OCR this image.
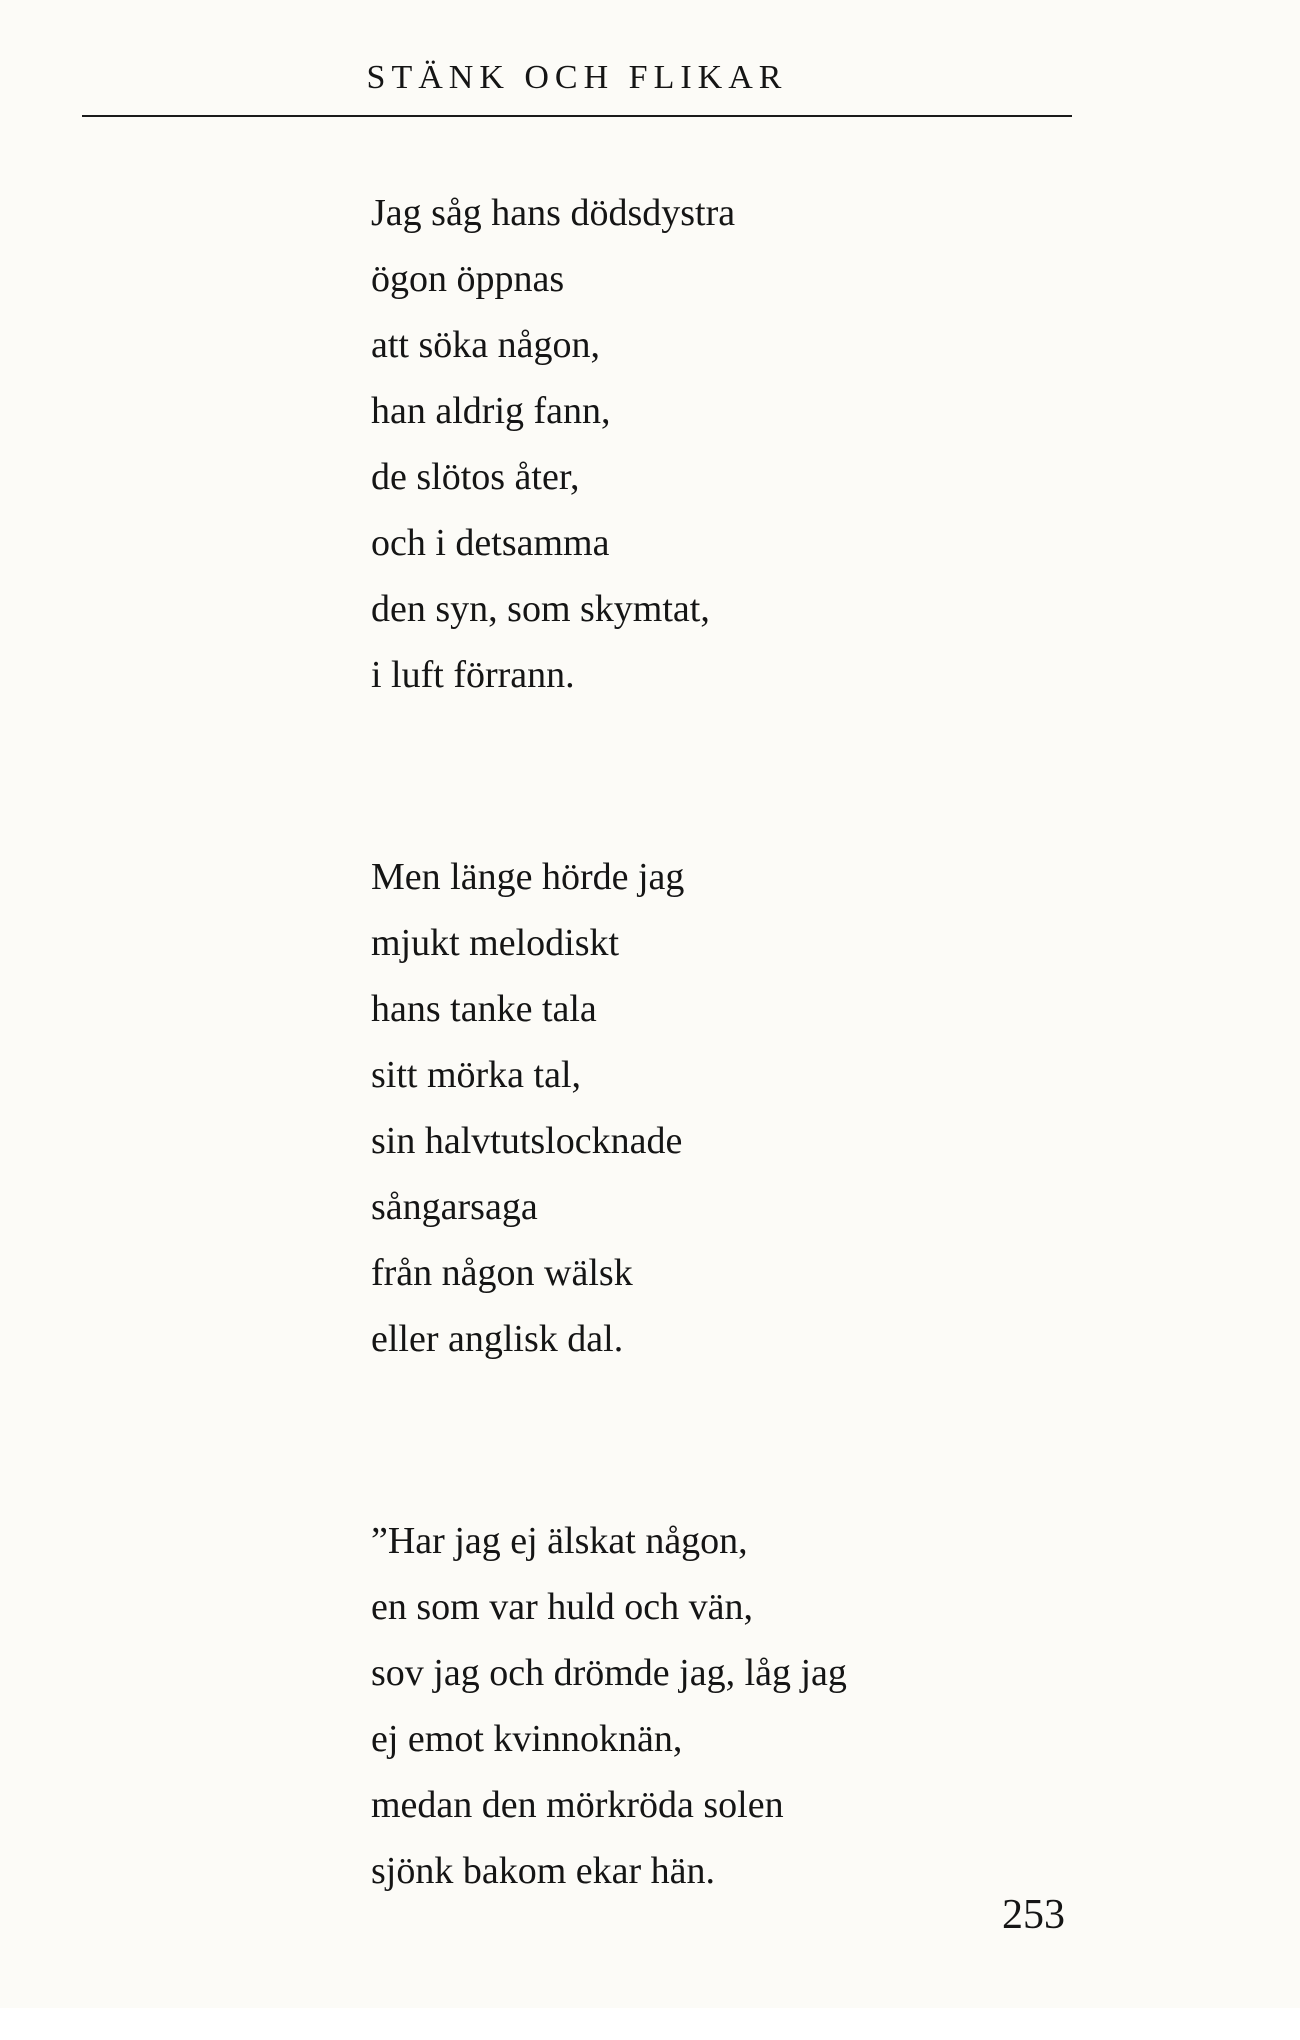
STÄNK OCH FLIKAR
Jag såg hans dödsdystra
ögon öppnas
att söka någon,
han aldrig fann,
de slötos åter,
och i detsamma
den syn, som skymtat,
i luft förrann.
Men länge hörde jag
mjukt melodiskt
hans tanke tala
sitt mörka tal,
sin halvtutslocknade
sångarsaga
från någon wälsk
eller anglisk dal.
”Har jag ej älskat någon,
en som var huld och vän,
sov jag och drömde jag, låg jag
ej emot kvinnoknän,
medan den mörkröda solen
sjönk bakom ekar hän.
253
